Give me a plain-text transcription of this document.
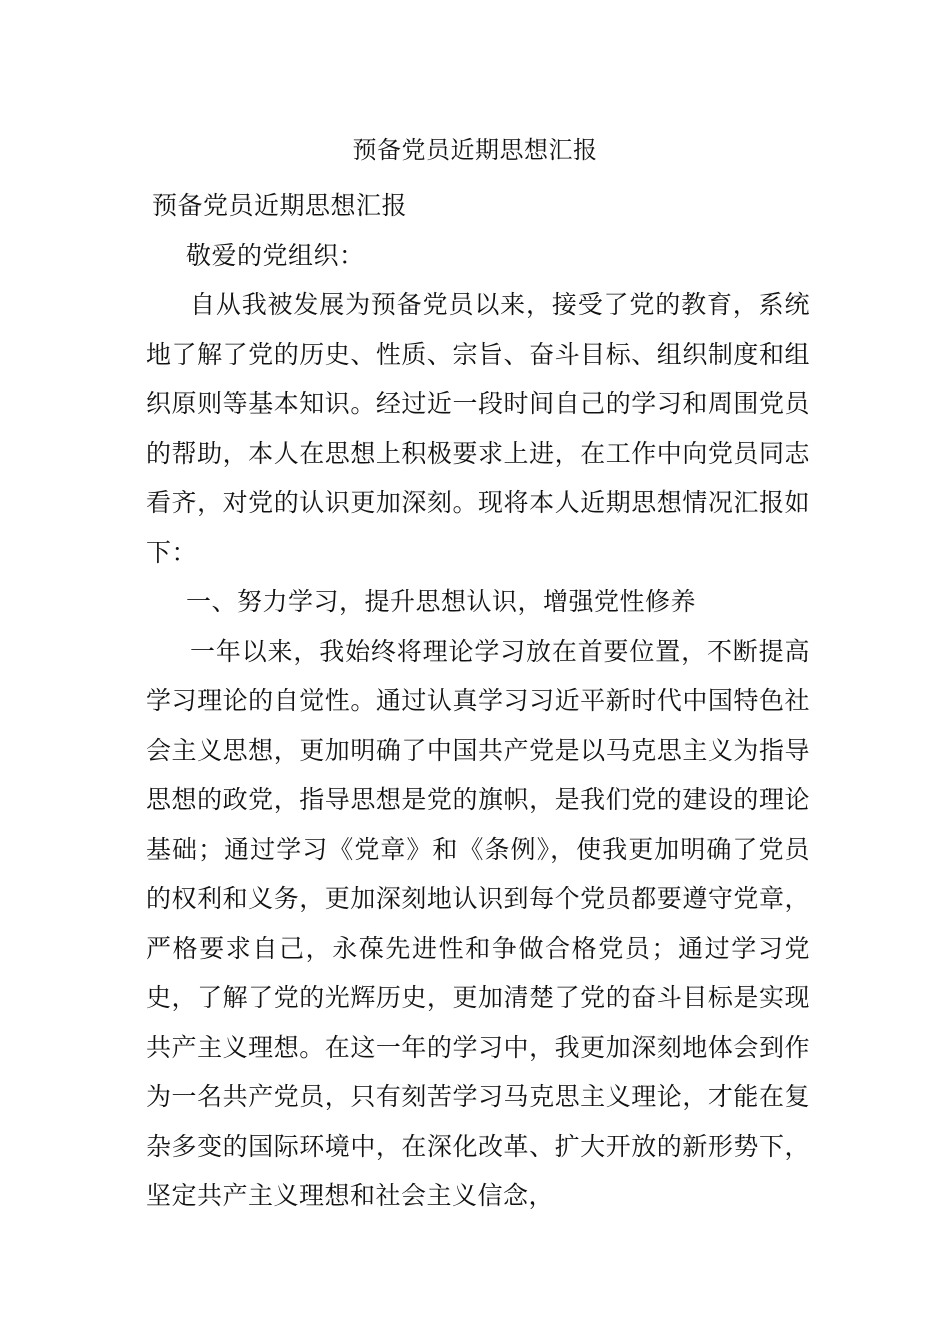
预备党员近期思想汇报

预备党员近期思想汇报

敬爱的党组织：

自从我被发展为预备党员以来，接受了党的教育，系统地了解了党的历史、性质、宗旨、奋斗目标、组织制度和组织原则等基本知识。经过近一段时间自己的学习和周围党员的帮助，本人在思想上积极要求上进，在工作中向党员同志看齐，对党的认识更加深刻。现将本人近期思想情况汇报如下：

一、努力学习，提升思想认识，增强党性修养

一年以来，我始终将理论学习放在首要位置，不断提高学习理论的自觉性。通过认真学习习近平新时代中国特色社会主义思想，更加明确了中国共产党是以马克思主义为指导思想的政党，指导思想是党的旗帜，是我们党的建设的理论基础；通过学习《党章》和《条例》，使我更加明确了党员的权利和义务，更加深刻地认识到每个党员都要遵守党章，严格要求自己，永葆先进性和争做合格党员；通过学习党史，了解了党的光辉历史，更加清楚了党的奋斗目标是实现共产主义理想。在这一年的学习中，我更加深刻地体会到作为一名共产党员，只有刻苦学习马克思主义理论，才能在复杂多变的国际环境中，在深化改革、扩大开放的新形势下，坚定共产主义理想和社会主义信念，
